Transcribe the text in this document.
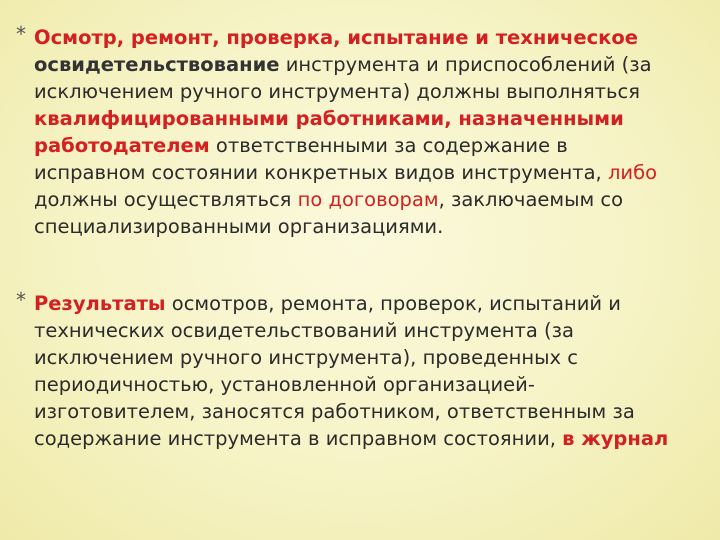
* Осмотр, ремонт, проверка, испытание и техническое
освидетельствование инструмента и приспособлений (за
исключением ручного инструмента) должны выполняться
квалифицированными работниками, назначенными
работодателем ответственными за содержание в
исправном состоянии конкретных видов инструмента, либо
должны осуществляться по договорам, заключаемым со
специализированными организациями.
* Результаты осмотров, ремонта, проверок, испытаний и
технических освидетельствований инструмента (за
исключением ручного инструмента), проведенных с
периодичностью, установленной организацией-
изготовителем, заносятся работником, ответственным за
содержание инструмента в исправном состоянии, в журнал
